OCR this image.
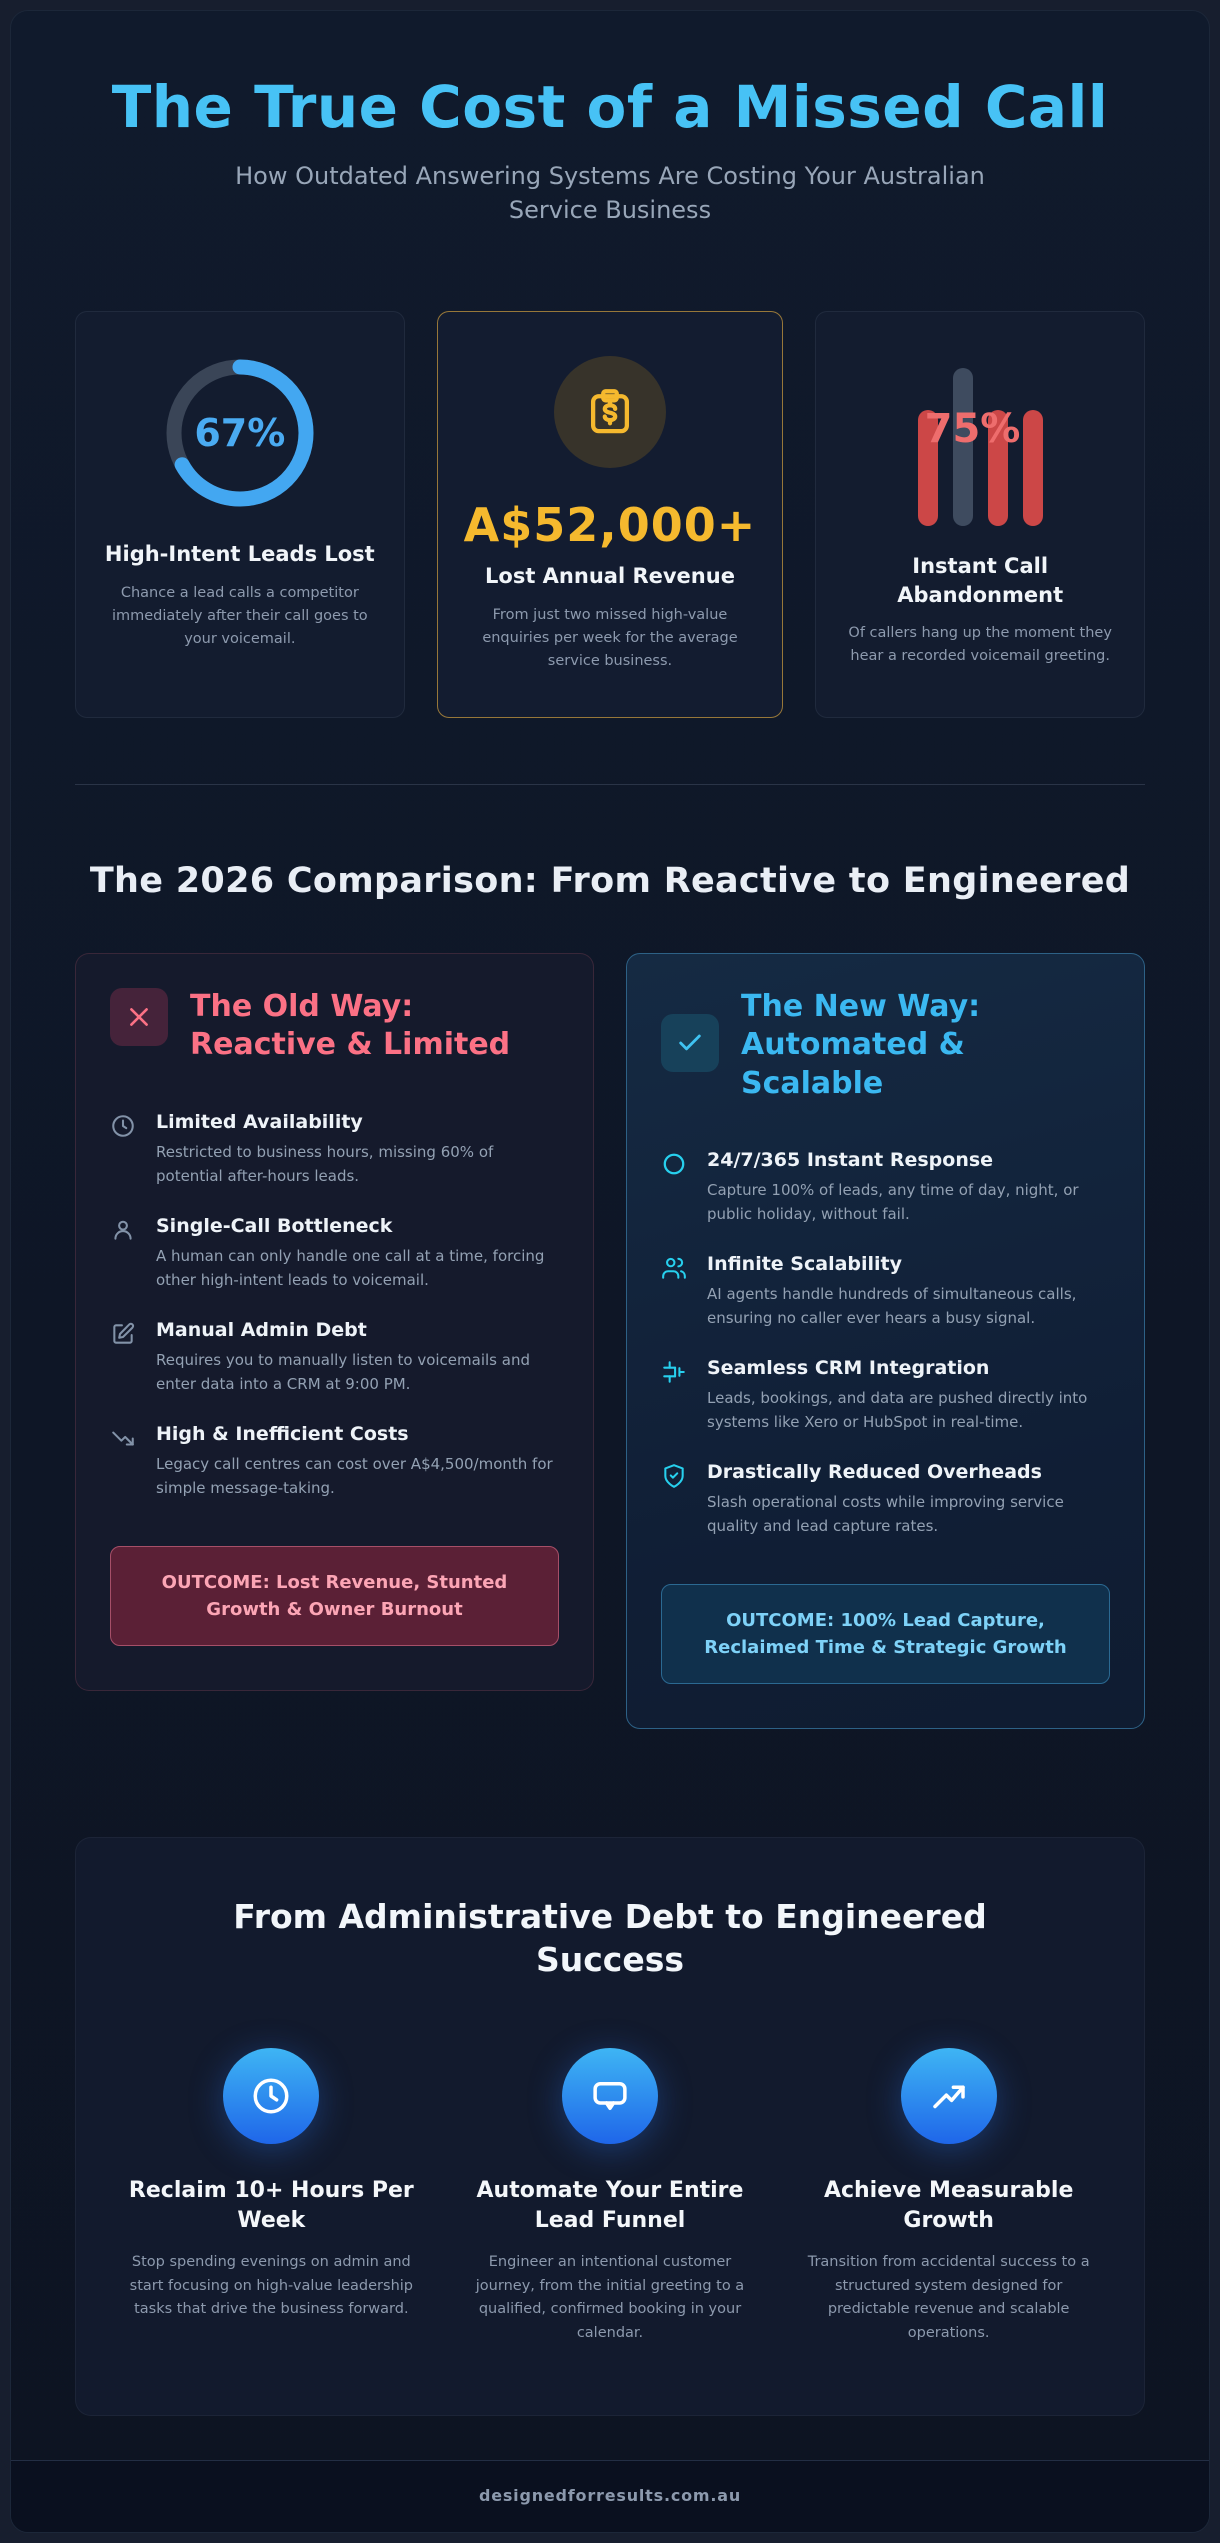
The True Cost of a Missed Call

How Outdated Answering Systems Are Costing Your Australian Service Business

67%
High-Intent Leads Lost
Chance a lead calls a competitor immediately after their call goes to your voicemail.
A$52,000+
Lost Annual Revenue
From just two missed high-value enquiries per week for the average service business.
75%
Instant Call Abandonment
Of callers hang up the moment they hear a recorded voicemail greeting.
The 2026 Comparison: From Reactive to Engineered
The Old Way: Reactive & Limited
Limited Availability
Restricted to business hours, missing 60% of potential after-hours leads.
Single-Call Bottleneck
A human can only handle one call at a time, forcing other high-intent leads to voicemail.
Manual Admin Debt
Requires you to manually listen to voicemails and enter data into a CRM at 9:00 PM.
High & Inefficient Costs
Legacy call centres can cost over A$4,500/month for simple message-taking.
OUTCOME: Lost Revenue, Stunted Growth & Owner Burnout
The New Way: Automated & Scalable
24/7/365 Instant Response
Capture 100% of leads, any time of day, night, or public holiday, without fail.
Infinite Scalability
AI agents handle hundreds of simultaneous calls, ensuring no caller ever hears a busy signal.
Seamless CRM Integration
Leads, bookings, and data are pushed directly into systems like Xero or HubSpot in real-time.
Drastically Reduced Overheads
Slash operational costs while improving service quality and lead capture rates.
OUTCOME: 100% Lead Capture, Reclaimed Time & Strategic Growth
From Administrative Debt to Engineered Success
Reclaim 10+ Hours Per Week
Stop spending evenings on admin and start focusing on high-value leadership tasks that drive the business forward.
Automate Your Entire Lead Funnel
Engineer an intentional customer journey, from the initial greeting to a qualified, confirmed booking in your calendar.
Achieve Measurable Growth
Transition from accidental success to a structured system designed for predictable revenue and scalable operations.
designedforresults.com.au
